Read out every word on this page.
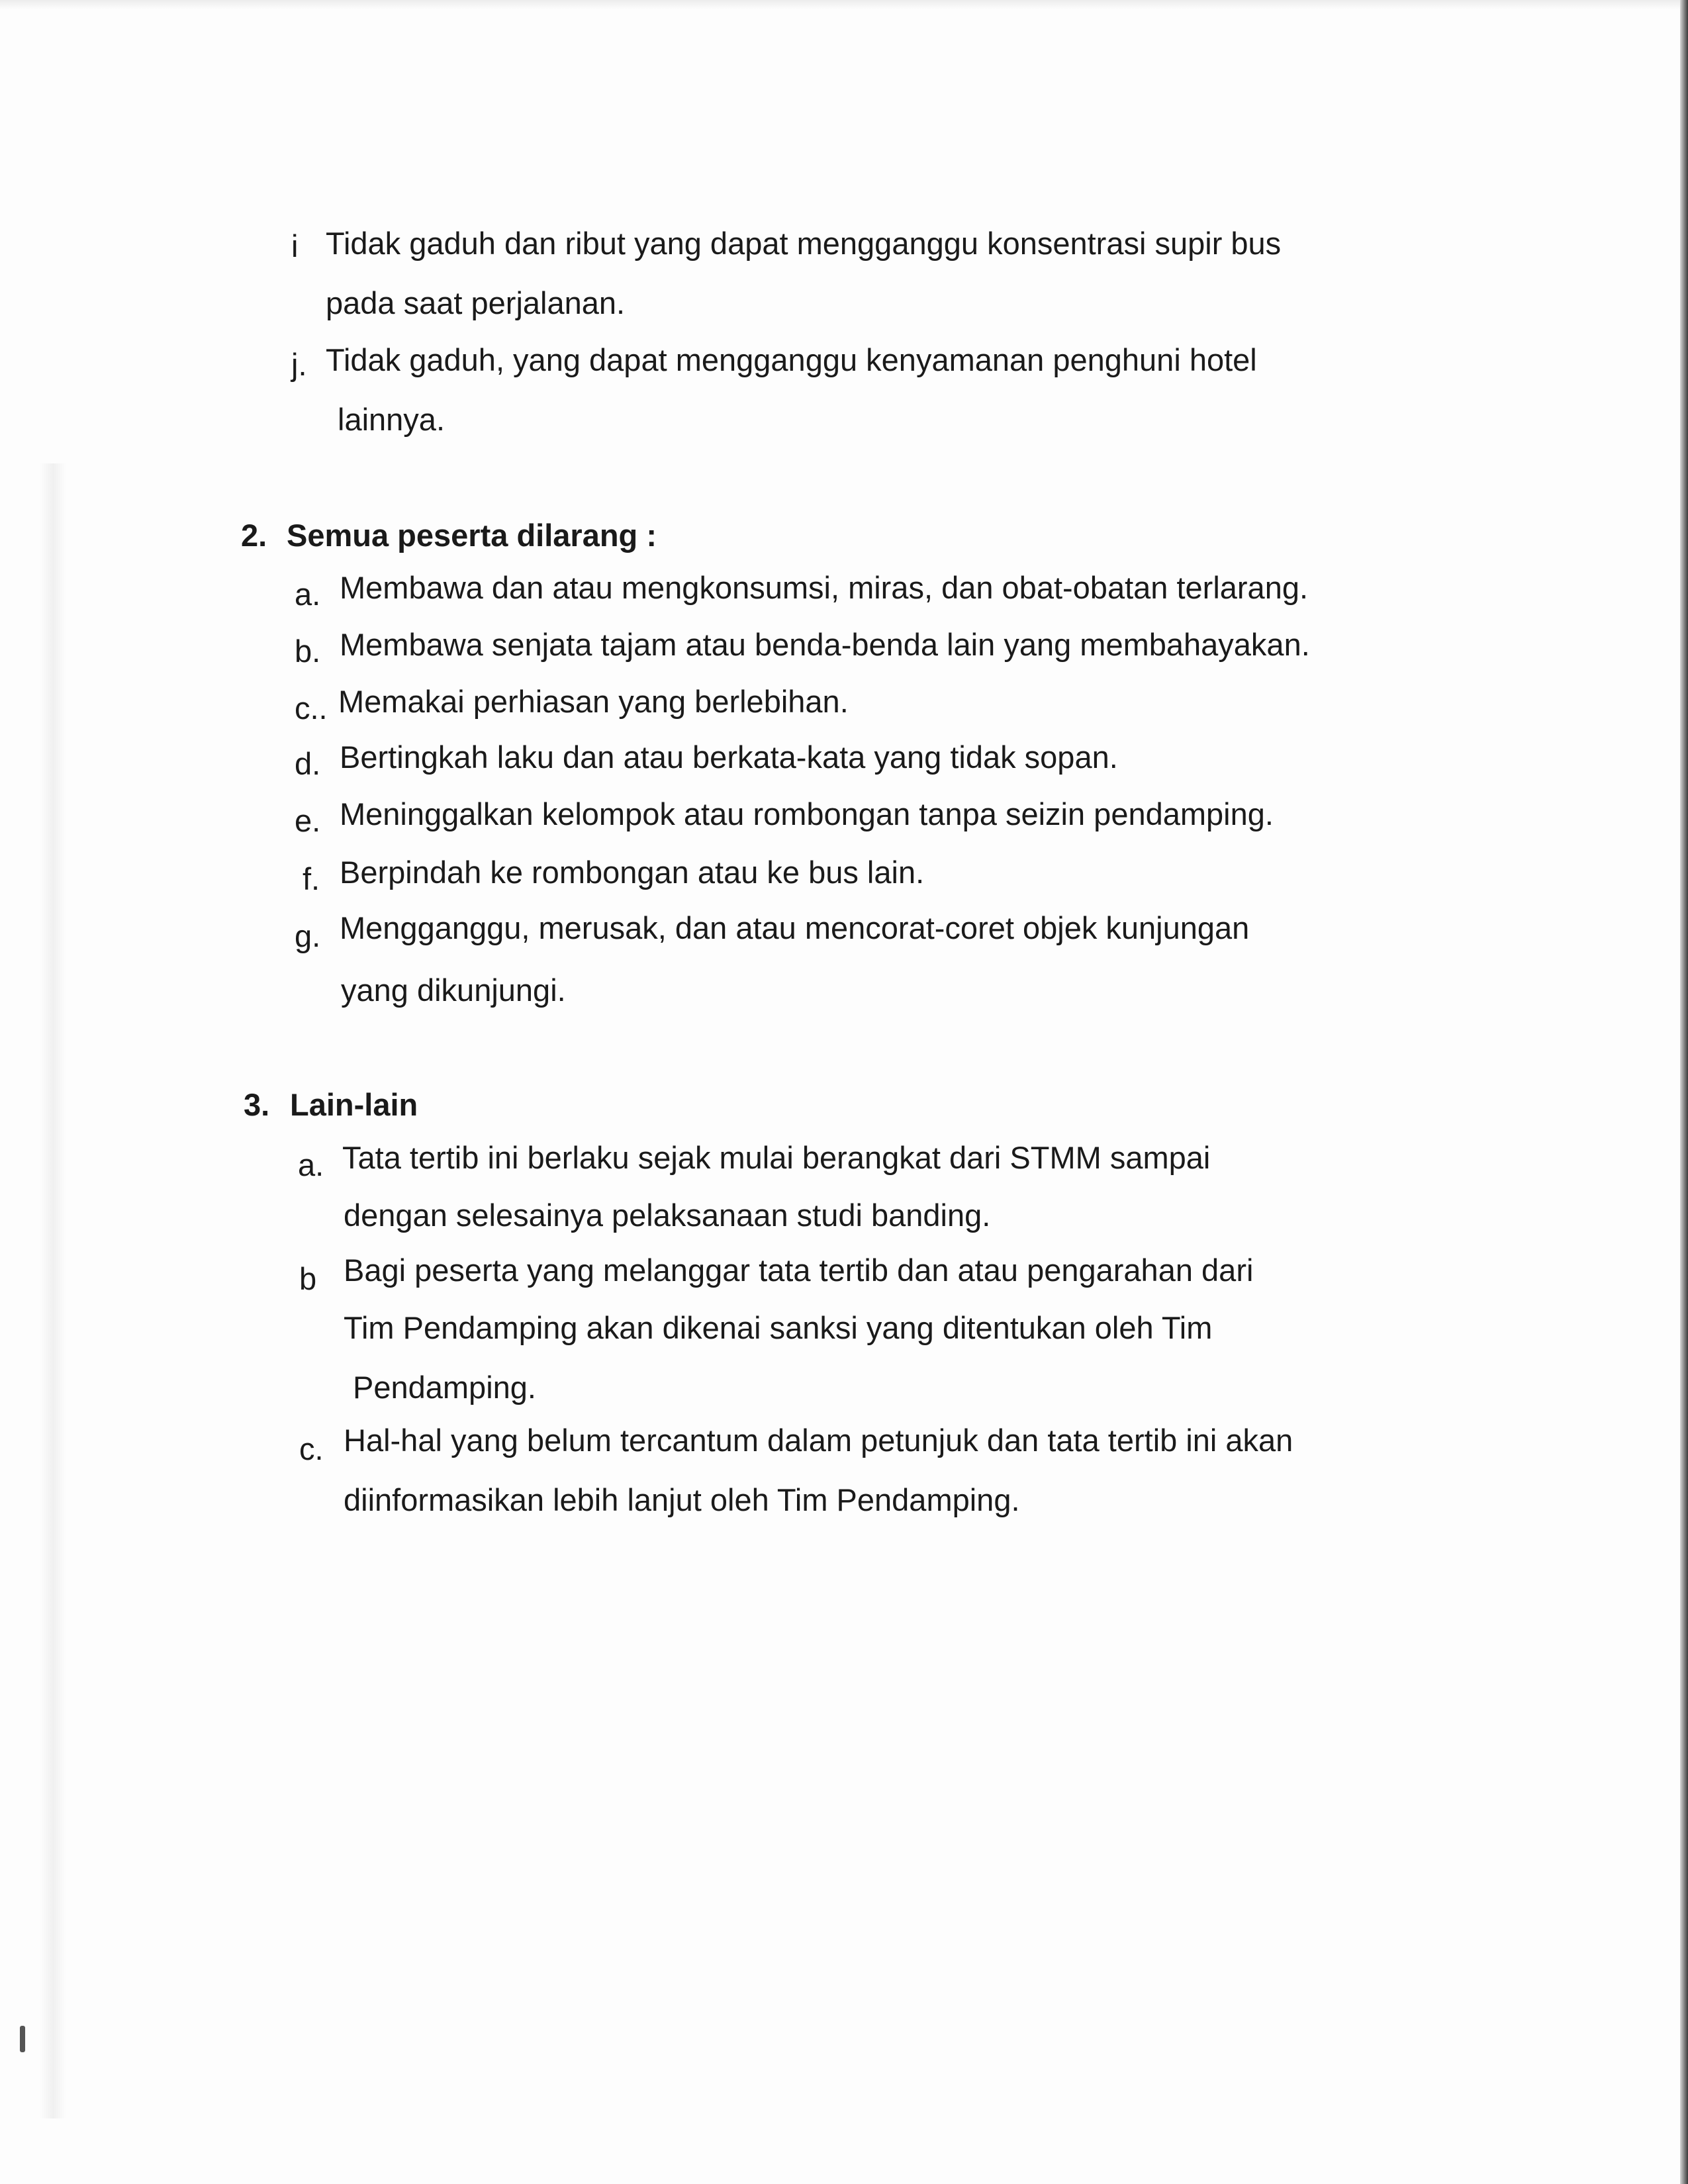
i Tidak gaduh dan ribut yang dapat mengganggu konsentrasi supir bus
pada saat perjalanan.
j. Tidak gaduh, yang dapat mengganggu kenyamanan penghuni hotel
lainnya.
2. Semua peserta dilarang :
a. Membawa dan atau mengkonsumsi, miras, dan obat-obatan terlarang.
b. Membawa senjata tajam atau benda-benda lain yang membahayakan.
c.. Memakai perhiasan yang berlebihan.
d. Bertingkah laku dan atau berkata-kata yang tidak sopan.
e. Meninggalkan kelompok atau rombongan tanpa seizin pendamping.
f. Berpindah ke rombongan atau ke bus lain.
g. Mengganggu, merusak, dan atau mencorat-coret objek kunjungan
yang dikunjungi.
3. Lain-lain
a. Tata tertib ini berlaku sejak mulai berangkat dari STMM sampai
dengan selesainya pelaksanaan studi banding.
b Bagi peserta yang melanggar tata tertib dan atau pengarahan dari
Tim Pendamping akan dikenai sanksi yang ditentukan oleh Tim
Pendamping.
c. Hal-hal yang belum tercantum dalam petunjuk dan tata tertib ini akan
diinformasikan lebih lanjut oleh Tim Pendamping.
